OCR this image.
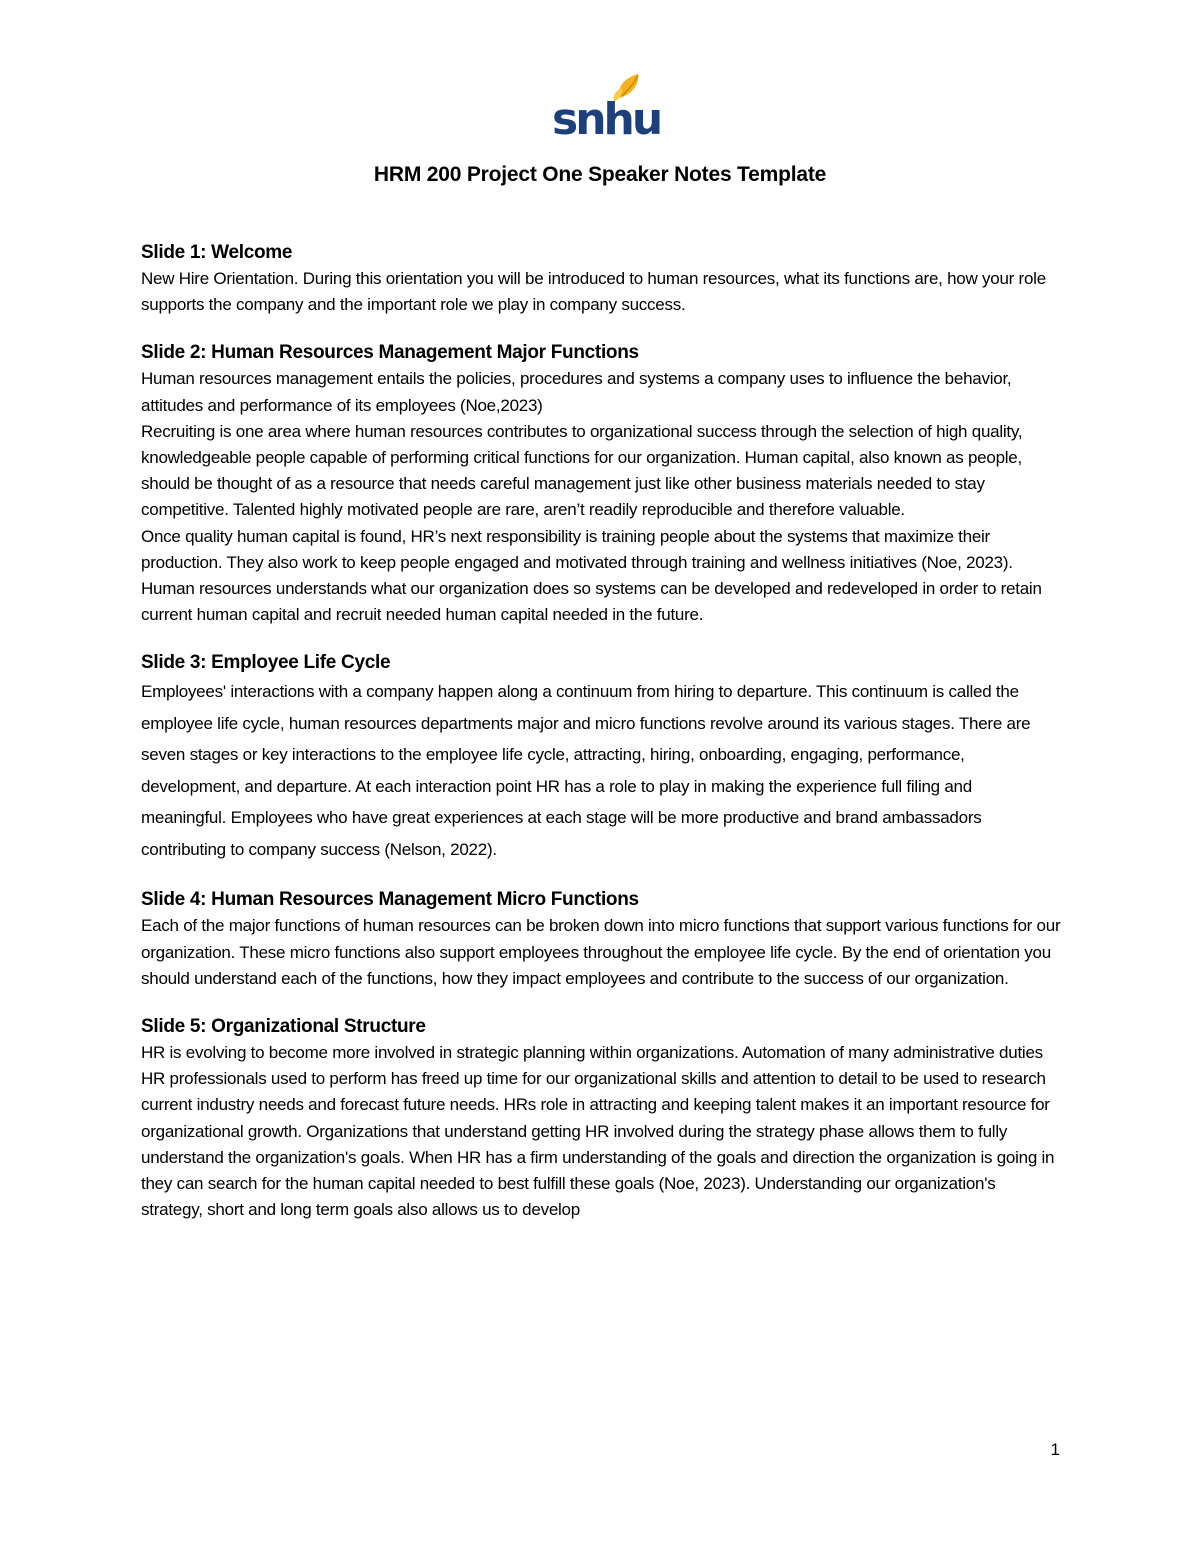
snhu
HRM 200 Project One Speaker Notes Template
Slide 1: Welcome

New Hire Orientation. During this orientation you will be introduced to human resources, what its functions are, how your role supports the company and the important role we play in company success.

Slide 2: Human Resources Management Major Functions

Human resources management entails the policies, procedures and systems a company uses to influence the behavior, attitudes and performance of its employees (Noe,2023)

Recruiting is one area where human resources contributes to organizational success through the selection of high quality, knowledgeable people capable of performing critical functions for our organization. Human capital, also known as people, should be thought of as a resource that needs careful management just like other business materials needed to stay competitive. Talented highly motivated people are rare, aren’t readily reproducible and therefore valuable.

Once quality human capital is found, HR’s next responsibility is training people about the systems that maximize their production. They also work to keep people engaged and motivated through training and wellness initiatives (Noe, 2023).

Human resources understands what our organization does so systems can be developed and redeveloped in order to retain current human capital and recruit needed human capital needed in the future.

Slide 3: Employee Life Cycle

Employees' interactions with a company happen along a continuum from hiring to departure. This continuum is called the employee life cycle, human resources departments major and micro functions revolve around its various stages. There are seven stages or key interactions to the employee life cycle, attracting, hiring, onboarding, engaging, performance, development, and departure. At each interaction point HR has a role to play in making the experience full filing and meaningful. Employees who have great experiences at each stage will be more productive and brand ambassadors contributing to company success (Nelson, 2022).

Slide 4: Human Resources Management Micro Functions

Each of the major functions of human resources can be broken down into micro functions that support various functions for our organization. These micro functions also support employees throughout the employee life cycle. By the end of orientation you should understand each of the functions, how they impact employees and contribute to the success of our organization.

Slide 5: Organizational Structure

HR is evolving to become more involved in strategic planning within organizations. Automation of many administrative duties HR professionals used to perform has freed up time for our organizational skills and attention to detail to be used to research current industry needs and forecast future needs. HRs role in attracting and keeping talent makes it an important resource for organizational growth. Organizations that understand getting HR involved during the strategy phase allows them to fully understand the organization's goals. When HR has a firm understanding of the goals and direction the organization is going in they can search for the human capital needed to best fulfill these goals (Noe, 2023). Understanding our organization's strategy, short and long term goals also allows us to develop

1
